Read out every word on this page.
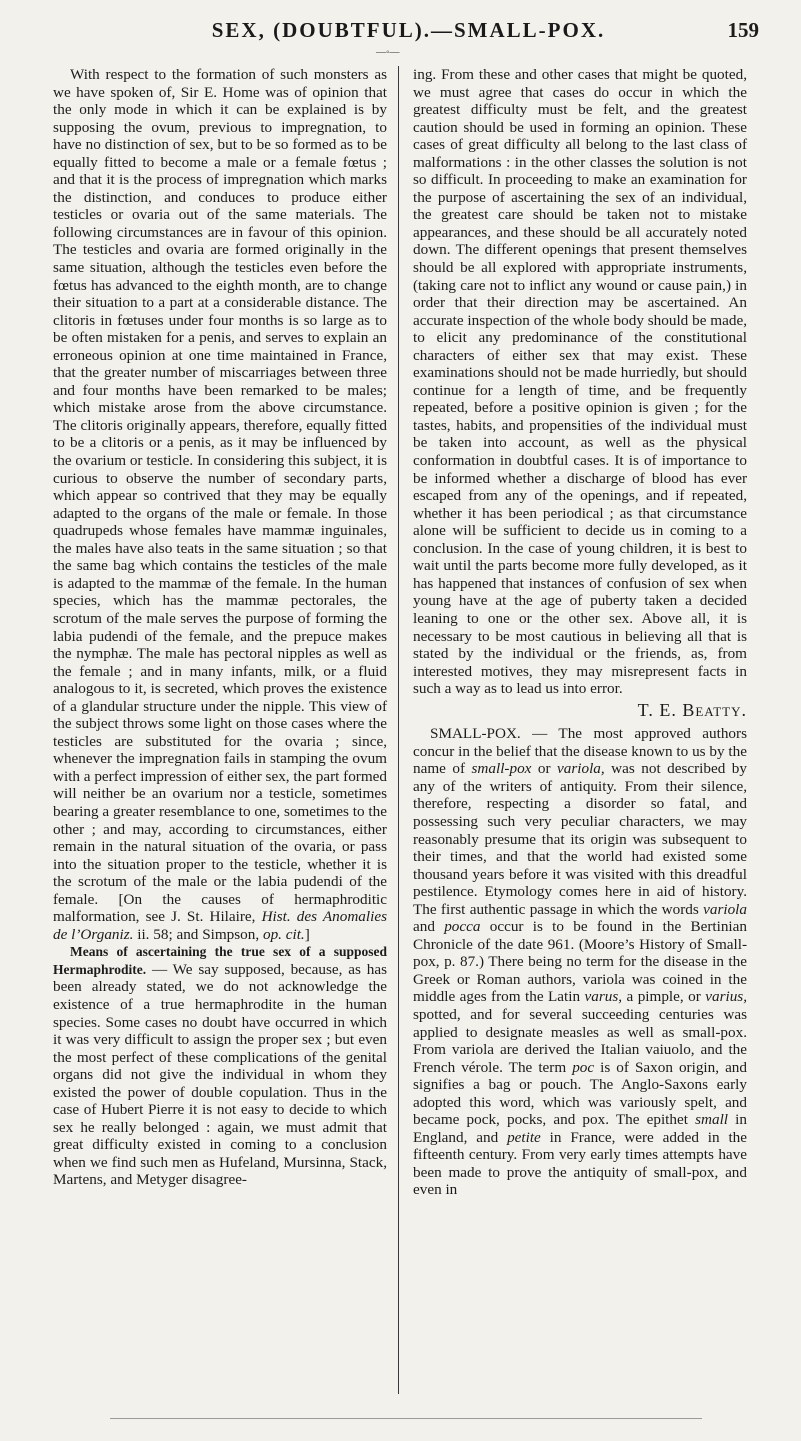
SEX, (DOUBTFUL).—SMALL-POX.	159
—◦—

With respect to the formation of such monsters as we have spoken of, Sir E. Home was of opinion that the only mode in which it can be explained is by supposing the ovum, previous to impregnation, to have no distinction of sex, but to be so formed as to be equally fitted to become a male or a female fœtus ; and that it is the process of impregnation which marks the distinction, and conduces to produce either testicles or ovaria out of the same materials. The following circumstances are in favour of this opinion. The testicles and ovaria are formed originally in the same situation, although the testicles even before the fœtus has advanced to the eighth month, are to change their situation to a part at a considerable distance. The clitoris in fœtuses under four months is so large as to be often mistaken for a penis, and serves to explain an erroneous opinion at one time maintained in France, that the greater number of miscarriages between three and four months have been remarked to be males; which mistake arose from the above circumstance. The clitoris originally appears, therefore, equally fitted to be a clitoris or a penis, as it may be influenced by the ovarium or testicle. In considering this subject, it is curious to observe the number of secondary parts, which appear so contrived that they may be equally adapted to the organs of the male or female. In those quadrupeds whose females have mammæ inguinales, the males have also teats in the same situation ; so that the same bag which contains the testicles of the male is adapted to the mammæ of the female. In the human species, which has the mammæ pectorales, the scrotum of the male serves the purpose of forming the labia pudendi of the female, and the prepuce makes the nymphæ. The male has pectoral nipples as well as the female ; and in many infants, milk, or a fluid analogous to it, is secreted, which proves the existence of a glandular structure under the nipple. This view of the subject throws some light on those cases where the testicles are substituted for the ovaria ; since, whenever the impregnation fails in stamping the ovum with a perfect impression of either sex, the part formed will neither be an ovarium nor a testicle, sometimes bearing a greater resemblance to one, sometimes to the other ; and may, according to circumstances, either remain in the natural situation of the ovaria, or pass into the situation proper to the testicle, whether it is the scrotum of the male or the labia pudendi of the female. [On the causes of hermaphroditic malformation, see J. St. Hilaire, Hist. des Anomalies de l’Organiz. ii. 58; and Simpson, op. cit.]

Means of ascertaining the true sex of a supposed Hermaphrodite. — We say supposed, because, as has been already stated, we do not acknowledge the existence of a true hermaphrodite in the human species. Some cases no doubt have occurred in which it was very difficult to assign the proper sex ; but even the most perfect of these complications of the genital organs did not give the individual in whom they existed the power of double copulation. Thus in the case of Hubert Pierre it is not easy to decide to which sex he really belonged : again, we must admit that great difficulty existed in coming to a conclusion when we find such men as Hufeland, Mursinna, Stack, Martens, and Metyger disagree-

ing. From these and other cases that might be quoted, we must agree that cases do occur in which the greatest difficulty must be felt, and the greatest caution should be used in forming an opinion. These cases of great difficulty all belong to the last class of malformations : in the other classes the solution is not so difficult. In proceeding to make an examination for the purpose of ascertaining the sex of an individual, the greatest care should be taken not to mistake appearances, and these should be all accurately noted down. The different openings that present themselves should be all explored with appropriate instruments, (taking care not to inflict any wound or cause pain,) in order that their direction may be ascertained. An accurate inspection of the whole body should be made, to elicit any predominance of the constitutional characters of either sex that may exist. These examinations should not be made hurriedly, but should continue for a length of time, and be frequently repeated, before a positive opinion is given ; for the tastes, habits, and propensities of the individual must be taken into account, as well as the physical conformation in doubtful cases. It is of importance to be informed whether a discharge of blood has ever escaped from any of the openings, and if repeated, whether it has been periodical ; as that circumstance alone will be sufficient to decide us in coming to a conclusion. In the case of young children, it is best to wait until the parts become more fully developed, as it has happened that instances of confusion of sex when young have at the age of puberty taken a decided leaning to one or the other sex. Above all, it is necessary to be most cautious in believing all that is stated by the individual or the friends, as, from interested motives, they may misrepresent facts in such a way as to lead us into error.

T. E. Beatty.

SMALL-POX. — The most approved authors concur in the belief that the disease known to us by the name of small-pox or variola, was not described by any of the writers of antiquity. From their silence, therefore, respecting a disorder so fatal, and possessing such very peculiar characters, we may reasonably presume that its origin was subsequent to their times, and that the world had existed some thousand years before it was visited with this dreadful pestilence. Etymology comes here in aid of history. The first authentic passage in which the words variola and pocca occur is to be found in the Bertinian Chronicle of the date 961. (Moore’s History of Small-pox, p. 87.) There being no term for the disease in the Greek or Roman authors, variola was coined in the middle ages from the Latin varus, a pimple, or varius, spotted, and for several succeeding centuries was applied to designate measles as well as small-pox. From variola are derived the Italian vaiuolo, and the French vérole. The term poc is of Saxon origin, and signifies a bag or pouch. The Anglo-Saxons early adopted this word, which was variously spelt, and became pock, pocks, and pox. The epithet small in England, and petite in France, were added in the fifteenth century. From very early times attempts have been made to prove the antiquity of small-pox, and even in
